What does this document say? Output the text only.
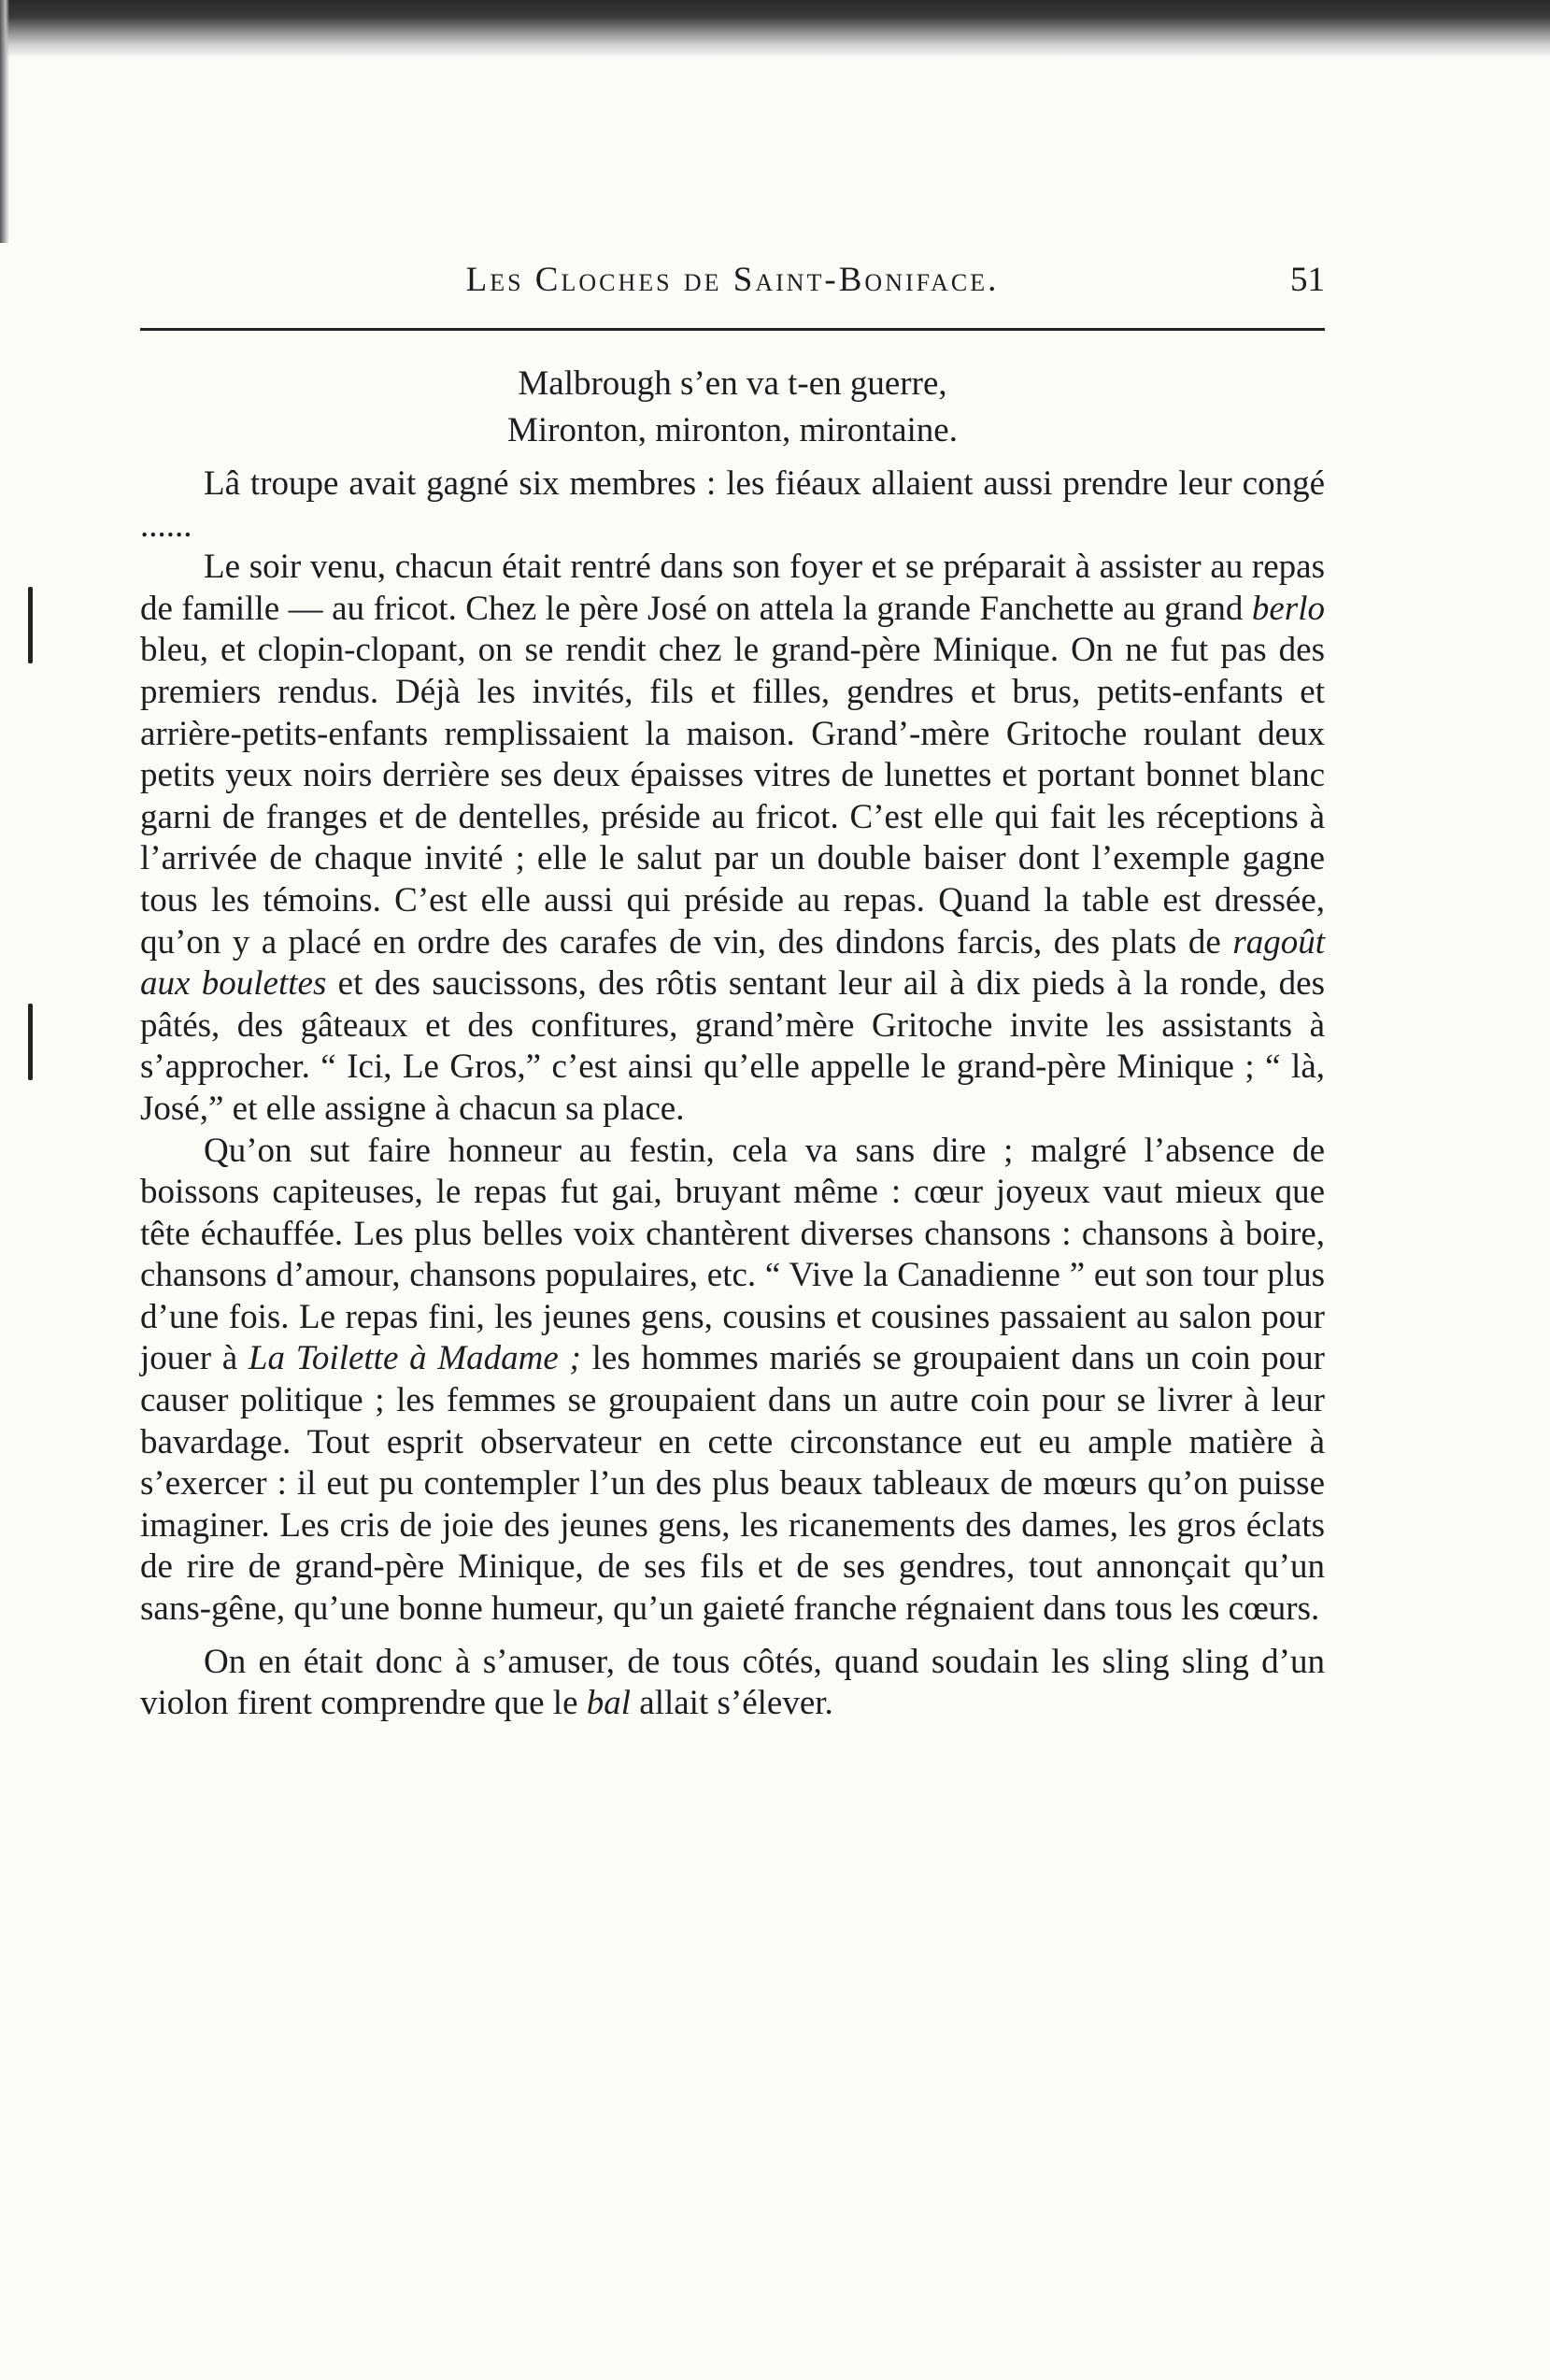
Les Cloches de Saint-Boniface.	51
Malbrough s’en va t-en guerre,
Mironton, mironton, mirontaine.

Lâ troupe avait gagné six membres : les fiéaux allaient aussi prendre leur congé ......

Le soir venu, chacun était rentré dans son foyer et se préparait à assister au repas de famille — au fricot. Chez le père José on attela la grande Fanchette au grand berlo bleu, et clopin-clopant, on se rendit chez le grand-père Minique. On ne fut pas des premiers rendus. Déjà les invités, fils et filles, gendres et brus, petits-enfants et arrière-petits-enfants remplissaient la maison. Grand’-mère Gritoche roulant deux petits yeux noirs derrière ses deux épaisses vitres de lunettes et portant bonnet blanc garni de franges et de dentelles, préside au fricot. C’est elle qui fait les réceptions à l’arrivée de chaque invité ; elle le salut par un double baiser dont l’exemple gagne tous les témoins. C’est elle aussi qui préside au repas. Quand la table est dressée, qu’on y a placé en ordre des carafes de vin, des dindons farcis, des plats de ragoût aux boulettes et des saucissons, des rôtis sentant leur ail à dix pieds à la ronde, des pâtés, des gâteaux et des confitures, grand’mère Gritoche invite les assistants à s’approcher. “ Ici, Le Gros,” c’est ainsi qu’elle appelle le grand-père Minique ; “ là, José,” et elle assigne à chacun sa place.

Qu’on sut faire honneur au festin, cela va sans dire ; malgré l’absence de boissons capiteuses, le repas fut gai, bruyant même : cœur joyeux vaut mieux que tête échauffée. Les plus belles voix chantèrent diverses chansons : chansons à boire, chansons d’amour, chansons populaires, etc. “ Vive la Canadienne ” eut son tour plus d’une fois. Le repas fini, les jeunes gens, cousins et cousines passaient au salon pour jouer à La Toilette à Madame ; les hommes mariés se groupaient dans un coin pour causer politique ; les femmes se groupaient dans un autre coin pour se livrer à leur bavardage. Tout esprit observateur en cette circonstance eut eu ample matière à s’exercer : il eut pu contempler l’un des plus beaux tableaux de mœurs qu’on puisse imaginer. Les cris de joie des jeunes gens, les ricanements des dames, les gros éclats de rire de grand-père Minique, de ses fils et de ses gendres, tout annonçait qu’un sans-gêne, qu’une bonne humeur, qu’un gaieté franche régnaient dans tous les cœurs.

On en était donc à s’amuser, de tous côtés, quand soudain les sling sling d’un violon firent comprendre que le bal allait s’élever.
